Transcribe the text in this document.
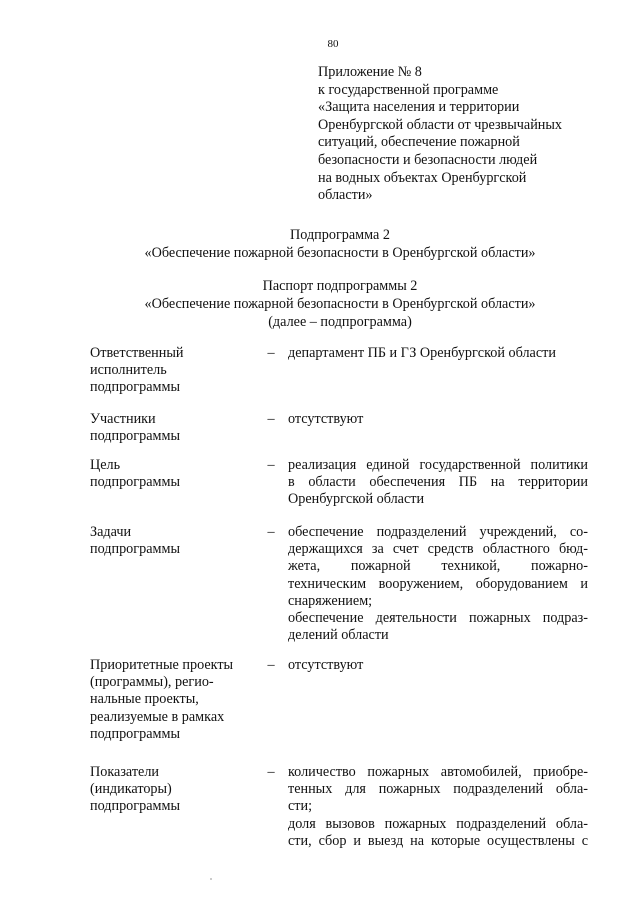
80
Приложение № 8
к государственной программе
«Защита населения и территории
Оренбургской области от чрезвычайных
ситуаций, обеспечение пожарной
безопасности и безопасности людей
на водных объектах Оренбургской
области»
Подпрограмма 2
«Обеспечение пожарной безопасности в Оренбургской области»
Паспорт подпрограммы 2
«Обеспечение пожарной безопасности в Оренбургской области»
(далее – подпрограмма)
Ответственный
исполнитель
подпрограммы
– департамент ПБ и ГЗ Оренбургской области
Участники
подпрограммы
– отсутствуют
Цель
подпрограммы
– реализация единой государственной политики
в области обеспечения ПБ на территории
Оренбургской области
Задачи
подпрограммы
– обеспечение подразделений учреждений, со-
держащихся за счет средств областного бюд-
жета, пожарной техникой, пожарно-
техническим вооружением, оборудованием и
снаряжением;
обеспечение деятельности пожарных подраз-
делений области
Приоритетные проекты
(программы), регио-
нальные проекты,
реализуемые в рамках
подпрограммы
– отсутствуют
Показатели
(индикаторы)
подпрограммы
– количество пожарных автомобилей, приобре-
тенных для пожарных подразделений обла-
сти;
доля вызовов пожарных подразделений обла-
сти, сбор и выезд на которые осуществлены с
